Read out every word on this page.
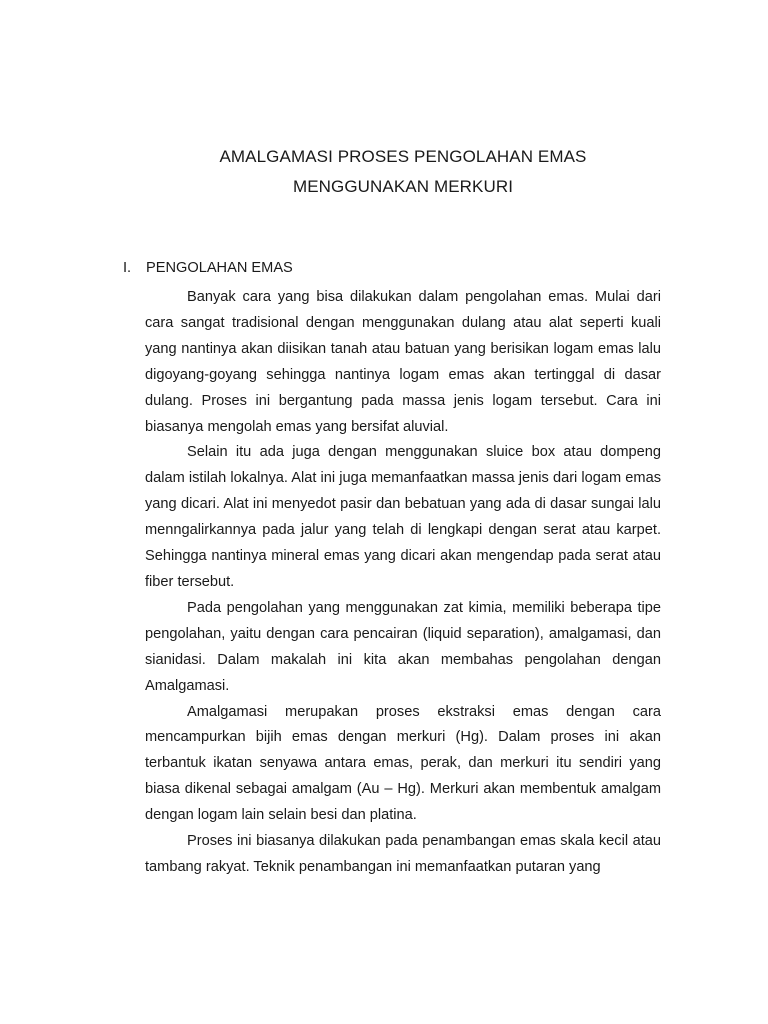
AMALGAMASI PROSES PENGOLAHAN EMAS
MENGGUNAKAN MERKURI
I. PENGOLAHAN EMAS

Banyak cara yang bisa dilakukan dalam pengolahan emas. Mulai dari cara sangat tradisional dengan menggunakan dulang atau alat seperti kuali yang nantinya akan diisikan tanah atau batuan yang berisikan logam emas lalu digoyang-goyang sehingga nantinya logam emas akan tertinggal di dasar dulang. Proses ini bergantung pada massa jenis logam tersebut. Cara ini biasanya mengolah emas yang bersifat aluvial.

Selain itu ada juga dengan menggunakan sluice box atau dompeng dalam istilah lokalnya. Alat ini juga memanfaatkan massa jenis dari logam emas yang dicari. Alat ini menyedot pasir dan bebatuan yang ada di dasar sungai lalu menngalirkannya pada jalur yang telah di lengkapi dengan serat atau karpet. Sehingga nantinya mineral emas yang dicari akan mengendap pada serat atau fiber tersebut.

Pada pengolahan yang menggunakan zat kimia, memiliki beberapa tipe pengolahan, yaitu dengan cara pencairan (liquid separation), amalgamasi, dan sianidasi. Dalam makalah ini kita akan membahas pengolahan dengan Amalgamasi.

Amalgamasi merupakan proses ekstraksi emas dengan cara mencampurkan bijih emas dengan merkuri (Hg). Dalam proses ini akan terbantuk ikatan senyawa antara emas, perak, dan merkuri itu sendiri yang biasa dikenal sebagai amalgam (Au – Hg). Merkuri akan membentuk amalgam dengan logam lain selain besi dan platina.

Proses ini biasanya dilakukan pada penambangan emas skala kecil atau tambang rakyat. Teknik penambangan ini memanfaatkan putaran yang
